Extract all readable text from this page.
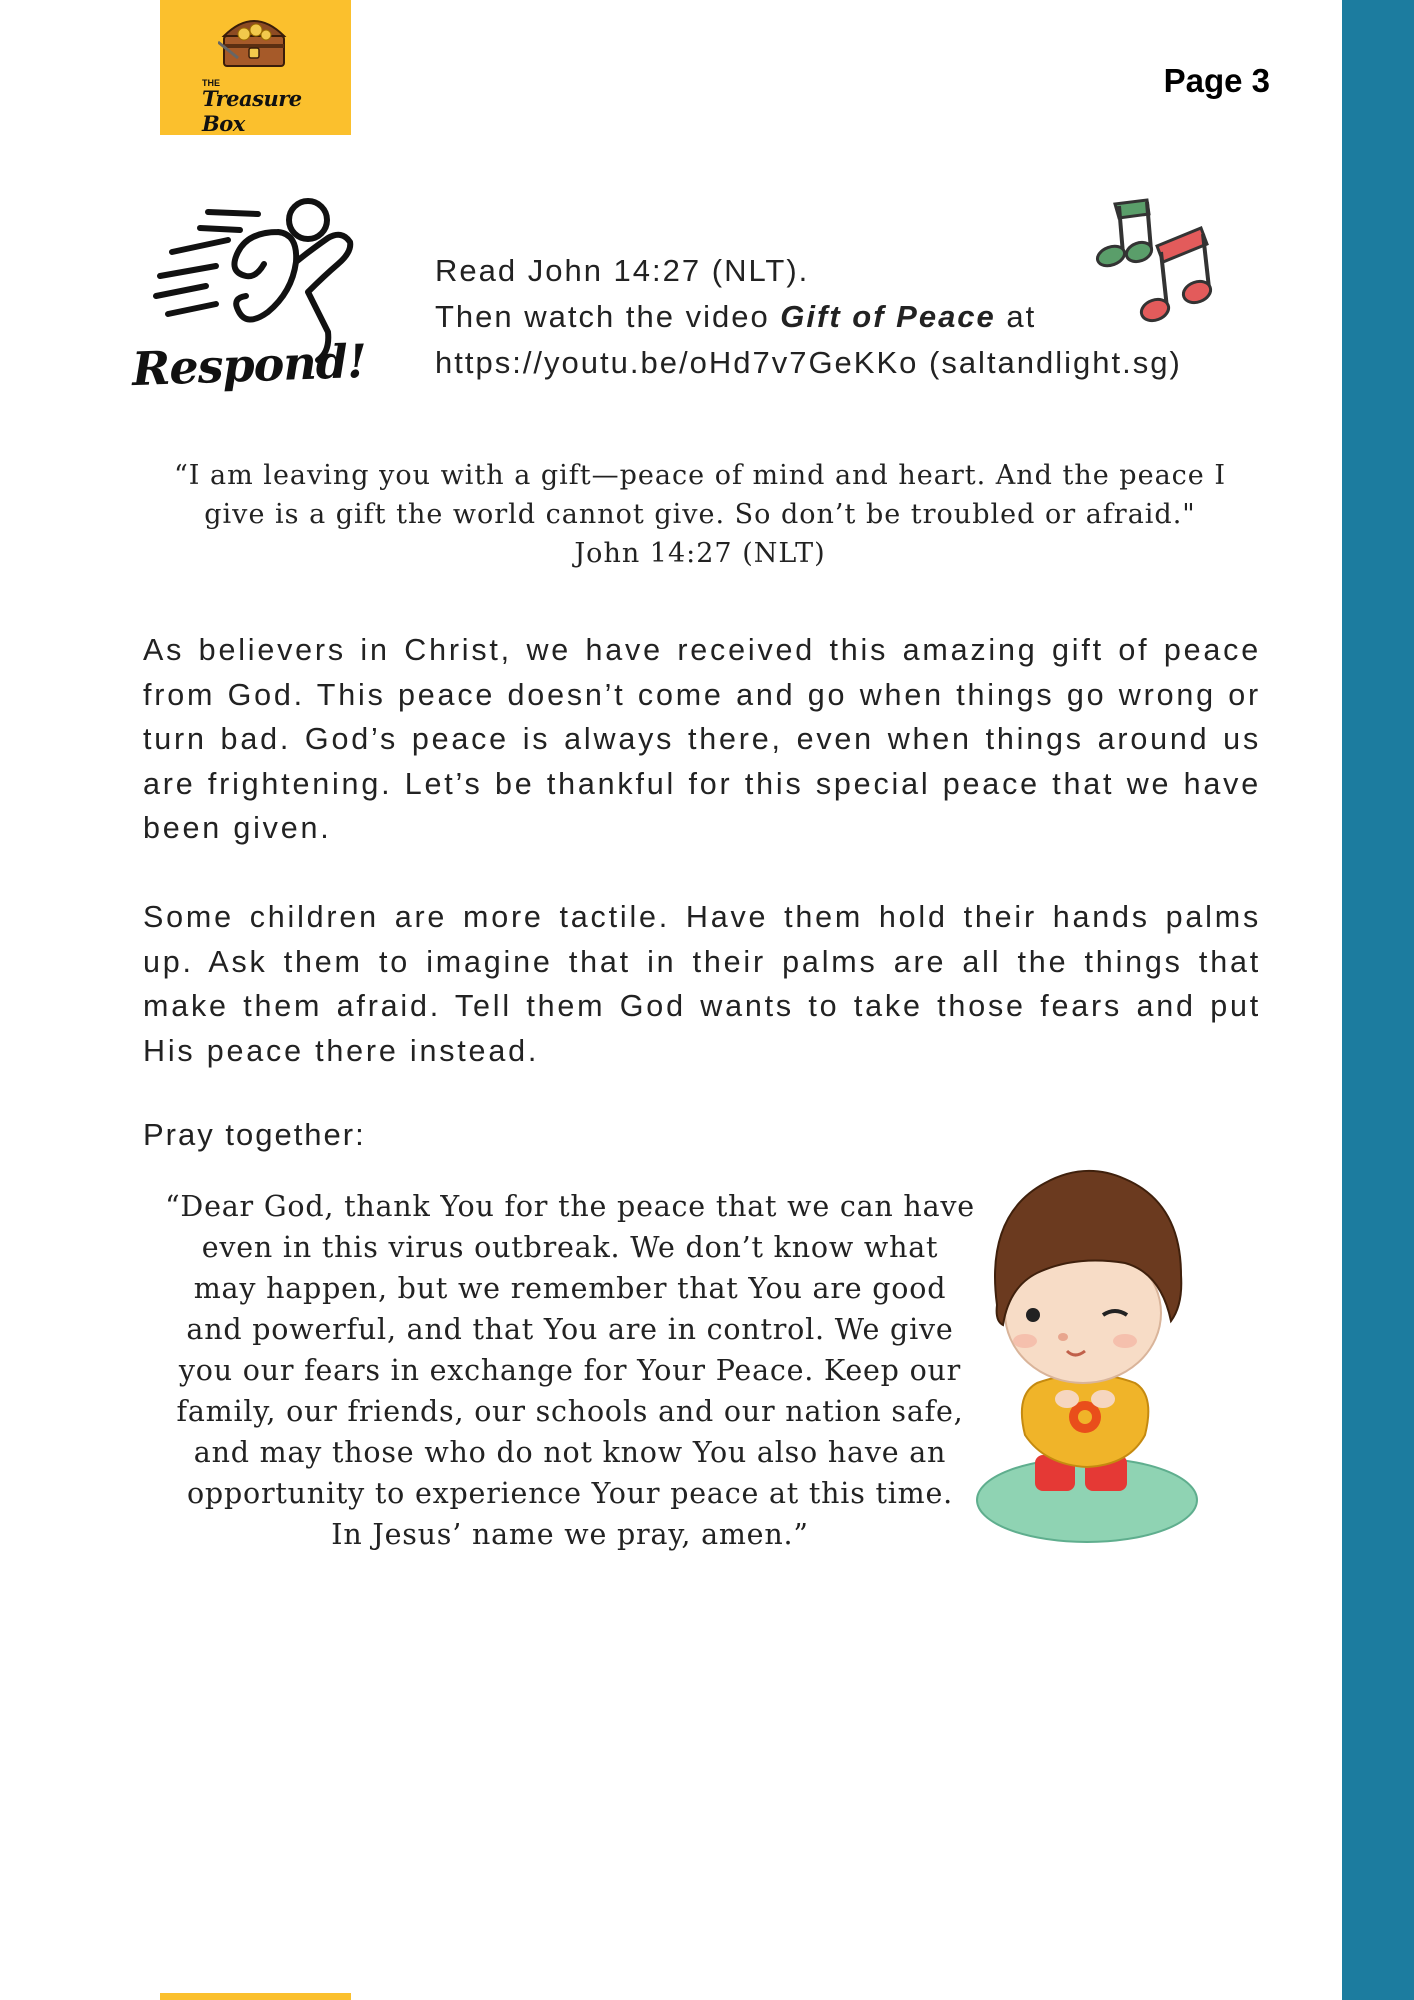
THE
Treasure Box
Page 3
Respond!
Read John 14:27 (NLT).
Then watch the video Gift of Peace at
https://youtu.be/oHd7v7GeKKo (saltandlight.sg)
“I am leaving you with a gift—peace of mind and heart. And the peace I
give is a gift the world cannot give. So don’t be troubled or afraid."
John 14:27 (NLT)

As believers in Christ, we have received this amazing gift of peace from God. This peace doesn’t come and go when things go wrong or turn bad. God’s peace is always there, even when things around us are frightening. Let’s be thankful for this special peace that we have been given.

Some children are more tactile. Have them hold their hands palms up. Ask them to imagine that in their palms are all the things that make them afraid. Tell them God wants to take those fears and put His peace there instead.

Pray together:
“Dear God, thank You for the peace that we can have
even in this virus outbreak. We don’t know what
may happen, but we remember that You are good
and powerful, and that You are in control. We give
you our fears in exchange for Your Peace. Keep our
family, our friends, our schools and our nation safe,
and may those who do not know You also have an
opportunity to experience Your peace at this time.
In Jesus’ name we pray, amen.”
